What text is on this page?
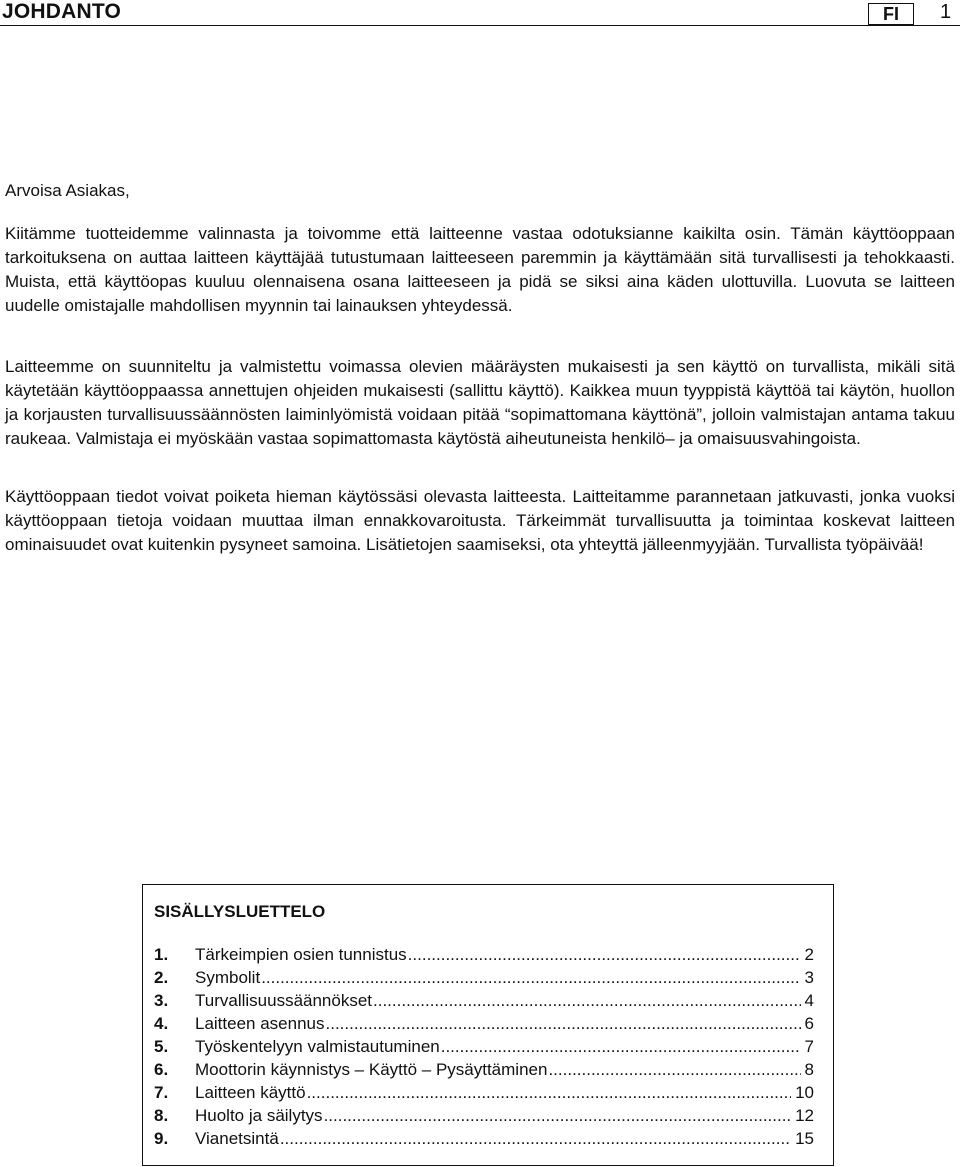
JOHDANTO	FI	1

Arvoisa Asiakas,

Kiitämme tuotteidemme valinnasta ja toivomme että laitteenne vastaa odotuksianne kaikilta osin. Tämän käyttöoppaan tarkoituksena on auttaa laitteen käyttäjää tutustumaan laitteeseen paremmin ja käyttämään sitä turvallisesti ja tehokkaasti. Muista, että käyttöopas kuuluu olennaisena osana laitteeseen ja pidä se siksi aina käden ulottuvilla. Luovuta se laitteen uudelle omistajalle mahdollisen myynnin tai lainauksen yhteydessä.

Laitteemme on suunniteltu ja valmistettu voimassa olevien määräysten mukaisesti ja sen käyttö on turvallista, mikäli sitä käytetään käyttöoppaassa annettujen ohjeiden mukaisesti (sallittu käyttö). Kaikkea muun tyyppistä käyttöä tai käytön, huollon ja korjausten turvallisuussäännösten laiminlyömistä voidaan pitää “sopimattomana käyttönä”, jolloin valmistajan antama takuu raukeaa. Valmistaja ei myöskään vastaa sopimattomasta käytöstä aiheutuneista henkilö– ja omaisuusvahingoista.

Käyttöoppaan tiedot voivat poiketa hieman käytössäsi olevasta laitteesta. Laitteitamme parannetaan jatkuvasti, jonka vuoksi käyttöoppaan tietoja voidaan muuttaa ilman ennakkovaroitusta. Tärkeimmät turvallisuutta ja toimintaa koskevat laitteen ominaisuudet ovat kuitenkin pysyneet samoina. Lisätietojen saamiseksi, ota yhteyttä jälleenmyyjään. Turvallista työpäivää!

SISÄLLYSLUETTELO
1.	Tärkeimpien osien tunnistus .....	2
2.	Symbolit .....	3
3.	Turvallisuussäännökset .....	4
4.	Laitteen asennus .....	6
5.	Työskentelyyn valmistautuminen .....	7
6.	Moottorin käynnistys – Käyttö – Pysäyttäminen .....	8
7.	Laitteen käyttö .....	10
8.	Huolto ja säilytys .....	12
9.	Vianetsintä .....	15
